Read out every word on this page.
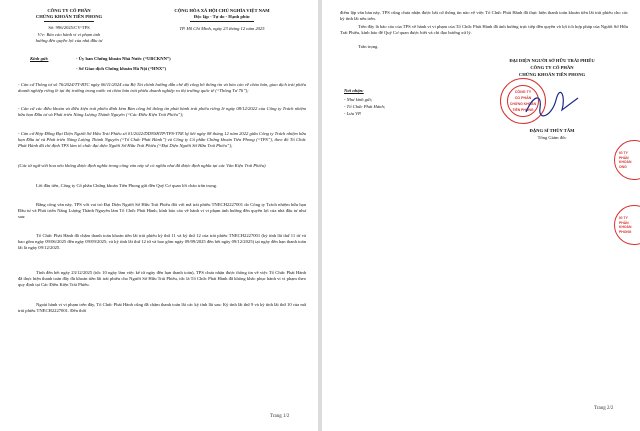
CÔNG TY CỔ PHẦN
CHỨNG KHOÁN TIÊN PHONG
Số: 996/2025/CV-TPS
V/v: Báo cáo hành vi vi phạm ảnh
hưởng đến quyền lợi của nhà đầu tư
CỘNG HÒA XÃ HỘI CHỦ NGHĨA VIỆT NAM
Độc lập - Tự do - Hạnh phúc
TP. Hồ Chí Minh, ngày 23 tháng 12 năm 2025
Kính gửi:	- Ủy ban Chứng khoán Nhà Nước (“UBCKNN”)
- Sở Giao dịch Chứng khoán Hà Nội (“HNX”)
- Căn cứ Thông tư số 76/2024/TT-BTC ngày 06/11/2024 của Bộ Tài chính hướng dẫn chế độ công bố thông tin và báo cáo về chào bán, giao dịch trái phiếu doanh nghiệp riêng lẻ tại thị trường trong nước và chào bán trái phiếu doanh nghiệp ra thị trường quốc tế (“Thông Tư 76”);
- Căn cứ các điều khoản và điều kiện trái phiếu đính kèm Bản công bố thông tin phát hành trái phiếu riêng lẻ ngày 08/12/2022 của Công ty Trách nhiệm hữu hạn Đầu tư và Phát triển Năng Lượng Thành Nguyên (“Các Điều Kiện Trái Phiếu”);
- Căn cứ Hợp Đồng Đại Diện Người Sở Hữu Trái Phiếu số 01/2022/DDNSHTP/TPS-TNE ký kết ngày 08 tháng 12 năm 2022 giữa Công ty Trách nhiệm hữu hạn Đầu tư và Phát triển Năng Lượng Thành Nguyên (“Tổ Chức Phát Hành”) và Công ty Cổ phần Chứng khoán Tiên Phong (“TPS”), theo đó Tổ Chức Phát Hành đã chỉ định TPS làm tổ chức đại diện Người Sở Hữu Trái Phiếu (“Đại Diện Người Sở Hữu Trái Phiếu”);
(Các từ ngữ viết hoa nếu không được định nghĩa trong công văn này sẽ có nghĩa như đã được định nghĩa tại các Văn Kiện Trái Phiếu).
Lời đầu tiên, Công ty Cổ phần Chứng khoán Tiên Phong gửi đến Quý Cơ quan lời chào trân trọng.
Bằng công văn này, TPS với vai trò Đại Diện Người Sở Hữu Trái Phiếu đối với mã trái phiếu TNECH2227001 do Công ty Trách nhiệm hữu hạn Đầu tư và Phát triển Năng Lượng Thành Nguyên làm Tổ Chức Phát Hành, kính báo cáo về hành vi vi phạm ảnh hưởng đến quyền lợi của nhà đầu tư như sau:
Tổ Chức Phát Hành đã chậm thanh toán khoản tiền lãi trái phiếu kỳ thứ 11 và kỳ thứ 12 của trái phiếu TNECH2227001 (kỳ tính lãi thứ 11 từ và bao gồm ngày 09/06/2025 đến ngày 09/09/2025; và kỳ tính lãi thứ 12 từ và bao gồm ngày 09/09/2025 đến hết ngày 09/12/2025) tại ngày đến hạn thanh toán lãi là ngày 09/12/2025.
Tính đến hết ngày 23/12/2025 (tức 10 ngày làm việc kể từ ngày đến hạn thanh toán), TPS chưa nhận được thông tin về việc Tổ Chức Phát Hành đã thực hiện thanh toán đầy đủ khoản tiền lãi trái phiếu cho Người Sở Hữu Trái Phiếu, tức là Tổ Chức Phát Hành đã không khắc phục hành vi vi phạm theo quy định tại Các Điều Kiện Trái Phiếu.
Ngoài hành vi vi phạm trên đây, Tổ Chức Phát Hành cũng đã chậm thanh toán lãi các kỳ tính lãi sau: Kỳ tính lãi thứ 9 và kỳ tính lãi thứ 10 của mã trái phiếu TNECH2227001. Đến thời
Trang 1/2
điểm lập văn bản này, TPS cũng chưa nhận được bất cứ thông tin nào về việc Tổ Chức Phát Hành đã thực hiện thanh toán khoản tiền lãi trái phiếu cho các kỳ tính lãi nêu trên.
Trên đây là báo cáo của TPS về hành vi vi phạm của Tổ Chức Phát Hành đã ảnh hưởng trực tiếp đến quyền và lợi ích hợp pháp của Người Sở Hữu Trái Phiếu, kính báo để Quý Cơ quan được biết và chỉ đạo hướng xử lý.
Trân trọng.
ĐẠI DIỆN NGƯỜI SỞ HỮU TRÁI PHIẾU
CÔNG TY CỔ PHẦN
CHỨNG KHOÁN TIÊN PHONG
Nơi nhận:
- Như kính gửi;
- Tổ Chức Phát Hành;
- Lưu VP.
CÔNG TY
CỔ PHẦN
CHỨNG KHOÁN
TIÊN PHONG
ĐẶNG SĨ THÙY TÂM
Tổng Giám đốc
IG TY
PHẦN
KHOÁN
ONG
IG TY
PHẦN
KHOÁN
PHONG
Trang 2/2
